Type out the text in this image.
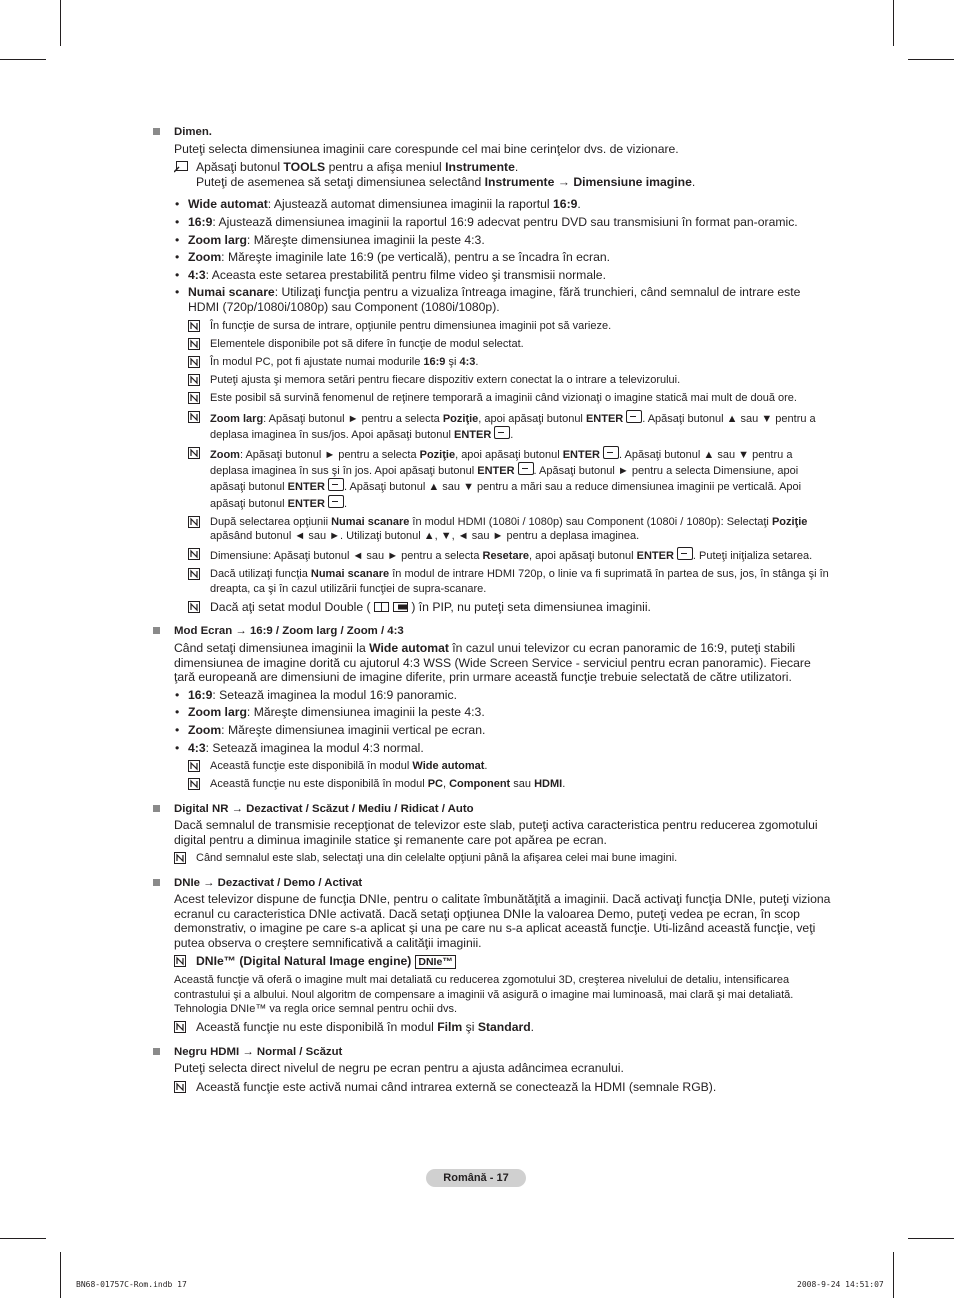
Dimen.
Puteţi selecta dimensiunea imaginii care corespunde cel mai bine cerinţelor dvs. de vizionare.
Apăsaţi butonul TOOLS pentru a afişa meniul Instrumente.
Puteţi de asemenea să setaţi dimensiunea selectând Instrumente → Dimensiune imagine.
• Wide automat: Ajustează automat dimensiunea imaginii la raportul 16:9.
• 16:9: Ajustează dimensiunea imaginii la raportul 16:9 adecvat pentru DVD sau transmisiuni în format pan-oramic.
• Zoom larg: Măreşte dimensiunea imaginii la peste 4:3.
• Zoom: Măreşte imaginile late 16:9 (pe verticală), pentru a se încadra în ecran.
• 4:3: Aceasta este setarea prestabilită pentru filme video şi transmisii normale.
• Numai scanare: Utilizaţi funcţia pentru a vizualiza întreaga imagine, fără trunchieri, când semnalul de intrare este HDMI (720p/1080i/1080p) sau Component (1080i/1080p).
În funcţie de sursa de intrare, opţiunile pentru dimensiunea imaginii pot să varieze.
Elementele disponibile pot să difere în funcţie de modul selectat.
În modul PC, pot fi ajustate numai modurile 16:9 şi 4:3.
Puteţi ajusta şi memora setări pentru fiecare dispozitiv extern conectat la o intrare a televizorului.
Este posibil să survină fenomenul de reţinere temporară a imaginii când vizionaţi o imagine statică mai mult de două ore.
Zoom larg: Apăsaţi butonul ► pentru a selecta Poziţie, apoi apăsaţi butonul ENTER . Apăsaţi butonul ▲ sau ▼ pentru a deplasa imaginea în sus/jos. Apoi apăsaţi butonul ENTER .
Zoom: Apăsaţi butonul ► pentru a selecta Poziţie, apoi apăsaţi butonul ENTER . Apăsaţi butonul ▲ sau ▼ pentru a deplasa imaginea în sus şi în jos. Apoi apăsaţi butonul ENTER . Apăsaţi butonul ► pentru a selecta Dimensiune, apoi apăsaţi butonul ENTER . Apăsaţi butonul ▲ sau ▼ pentru a mări sau a reduce dimensiunea imaginii pe verticală. Apoi apăsaţi butonul ENTER .
După selectarea opţiunii Numai scanare în modul HDMI (1080i / 1080p) sau Component (1080i / 1080p): Selectaţi Poziţie apăsând butonul ◄ sau ►. Utilizaţi butonul ▲, ▼, ◄ sau ► pentru a deplasa imaginea.
Dimensiune: Apăsaţi butonul ◄ sau ► pentru a selecta Resetare, apoi apăsaţi butonul ENTER . Puteţi iniţializa setarea.
Dacă utilizaţi funcţia Numai scanare în modul de intrare HDMI 720p, o linie va fi suprimată în partea de sus, jos, în stânga şi în dreapta, ca şi în cazul utilizării funcţiei de supra-scanare.
Dacă aţi setat modul Double (	) în PIP, nu puteţi seta dimensiunea imaginii.
Mod Ecran → 16:9 / Zoom larg / Zoom / 4:3
Când setaţi dimensiunea imaginii la Wide automat în cazul unui televizor cu ecran panoramic de 16:9, puteţi stabili dimensiunea de imagine dorită cu ajutorul 4:3 WSS (Wide Screen Service - serviciul pentru ecran panoramic). Fiecare ţară europeană are dimensiuni de imagine diferite, prin urmare această funcţie trebuie selectată de către utilizatori.
• 16:9: Setează imaginea la modul 16:9 panoramic.
• Zoom larg: Măreşte dimensiunea imaginii la peste 4:3.
• Zoom: Măreşte dimensiunea imaginii vertical pe ecran.
• 4:3: Setează imaginea la modul 4:3 normal.
Această funcţie este disponibilă în modul Wide automat.
Această funcţie nu este disponibilă în modul PC, Component sau HDMI.
Digital NR → Dezactivat / Scăzut / Mediu / Ridicat / Auto
Dacă semnalul de transmisie recepţionat de televizor este slab, puteţi activa caracteristica pentru reducerea zgomotului digital pentru a diminua imaginile statice şi remanente care pot apărea pe ecran.
Când semnalul este slab, selectaţi una din celelalte opţiuni până la afişarea celei mai bune imagini.
DNIe → Dezactivat / Demo / Activat
Acest televizor dispune de funcţia DNIe, pentru o calitate îmbunătăţită a imaginii. Dacă activaţi funcţia DNIe, puteţi viziona ecranul cu caracteristica DNIe activată. Dacă setaţi opţiunea DNIe la valoarea Demo, puteţi vedea pe ecran, în scop demonstrativ, o imagine pe care s-a aplicat şi una pe care nu s-a aplicat această funcţie. Uti-lizând această funcţie, veţi putea observa o creştere semnificativă a calităţii imaginii.
DNIe™ (Digital Natural Image engine) DNIe™
Această funcţie vă oferă o imagine mult mai detaliată cu reducerea zgomotului 3D, creşterea nivelului de detaliu, intensificarea contrastului şi a albului. Noul algoritm de compensare a imaginii vă asigură o imagine mai luminoasă, mai clară şi mai detaliată. Tehnologia DNIe™ va regla orice semnal pentru ochii dvs.
Această funcţie nu este disponibilă în modul Film şi Standard.
Negru HDMI → Normal / Scăzut
Puteţi selecta direct nivelul de negru pe ecran pentru a ajusta adâncimea ecranului.
Această funcţie este activă numai când intrarea externă se conectează la HDMI (semnale RGB).
Română - 17
BN68-01757C-Rom.indb 17	2008-9-24 14:51:07
